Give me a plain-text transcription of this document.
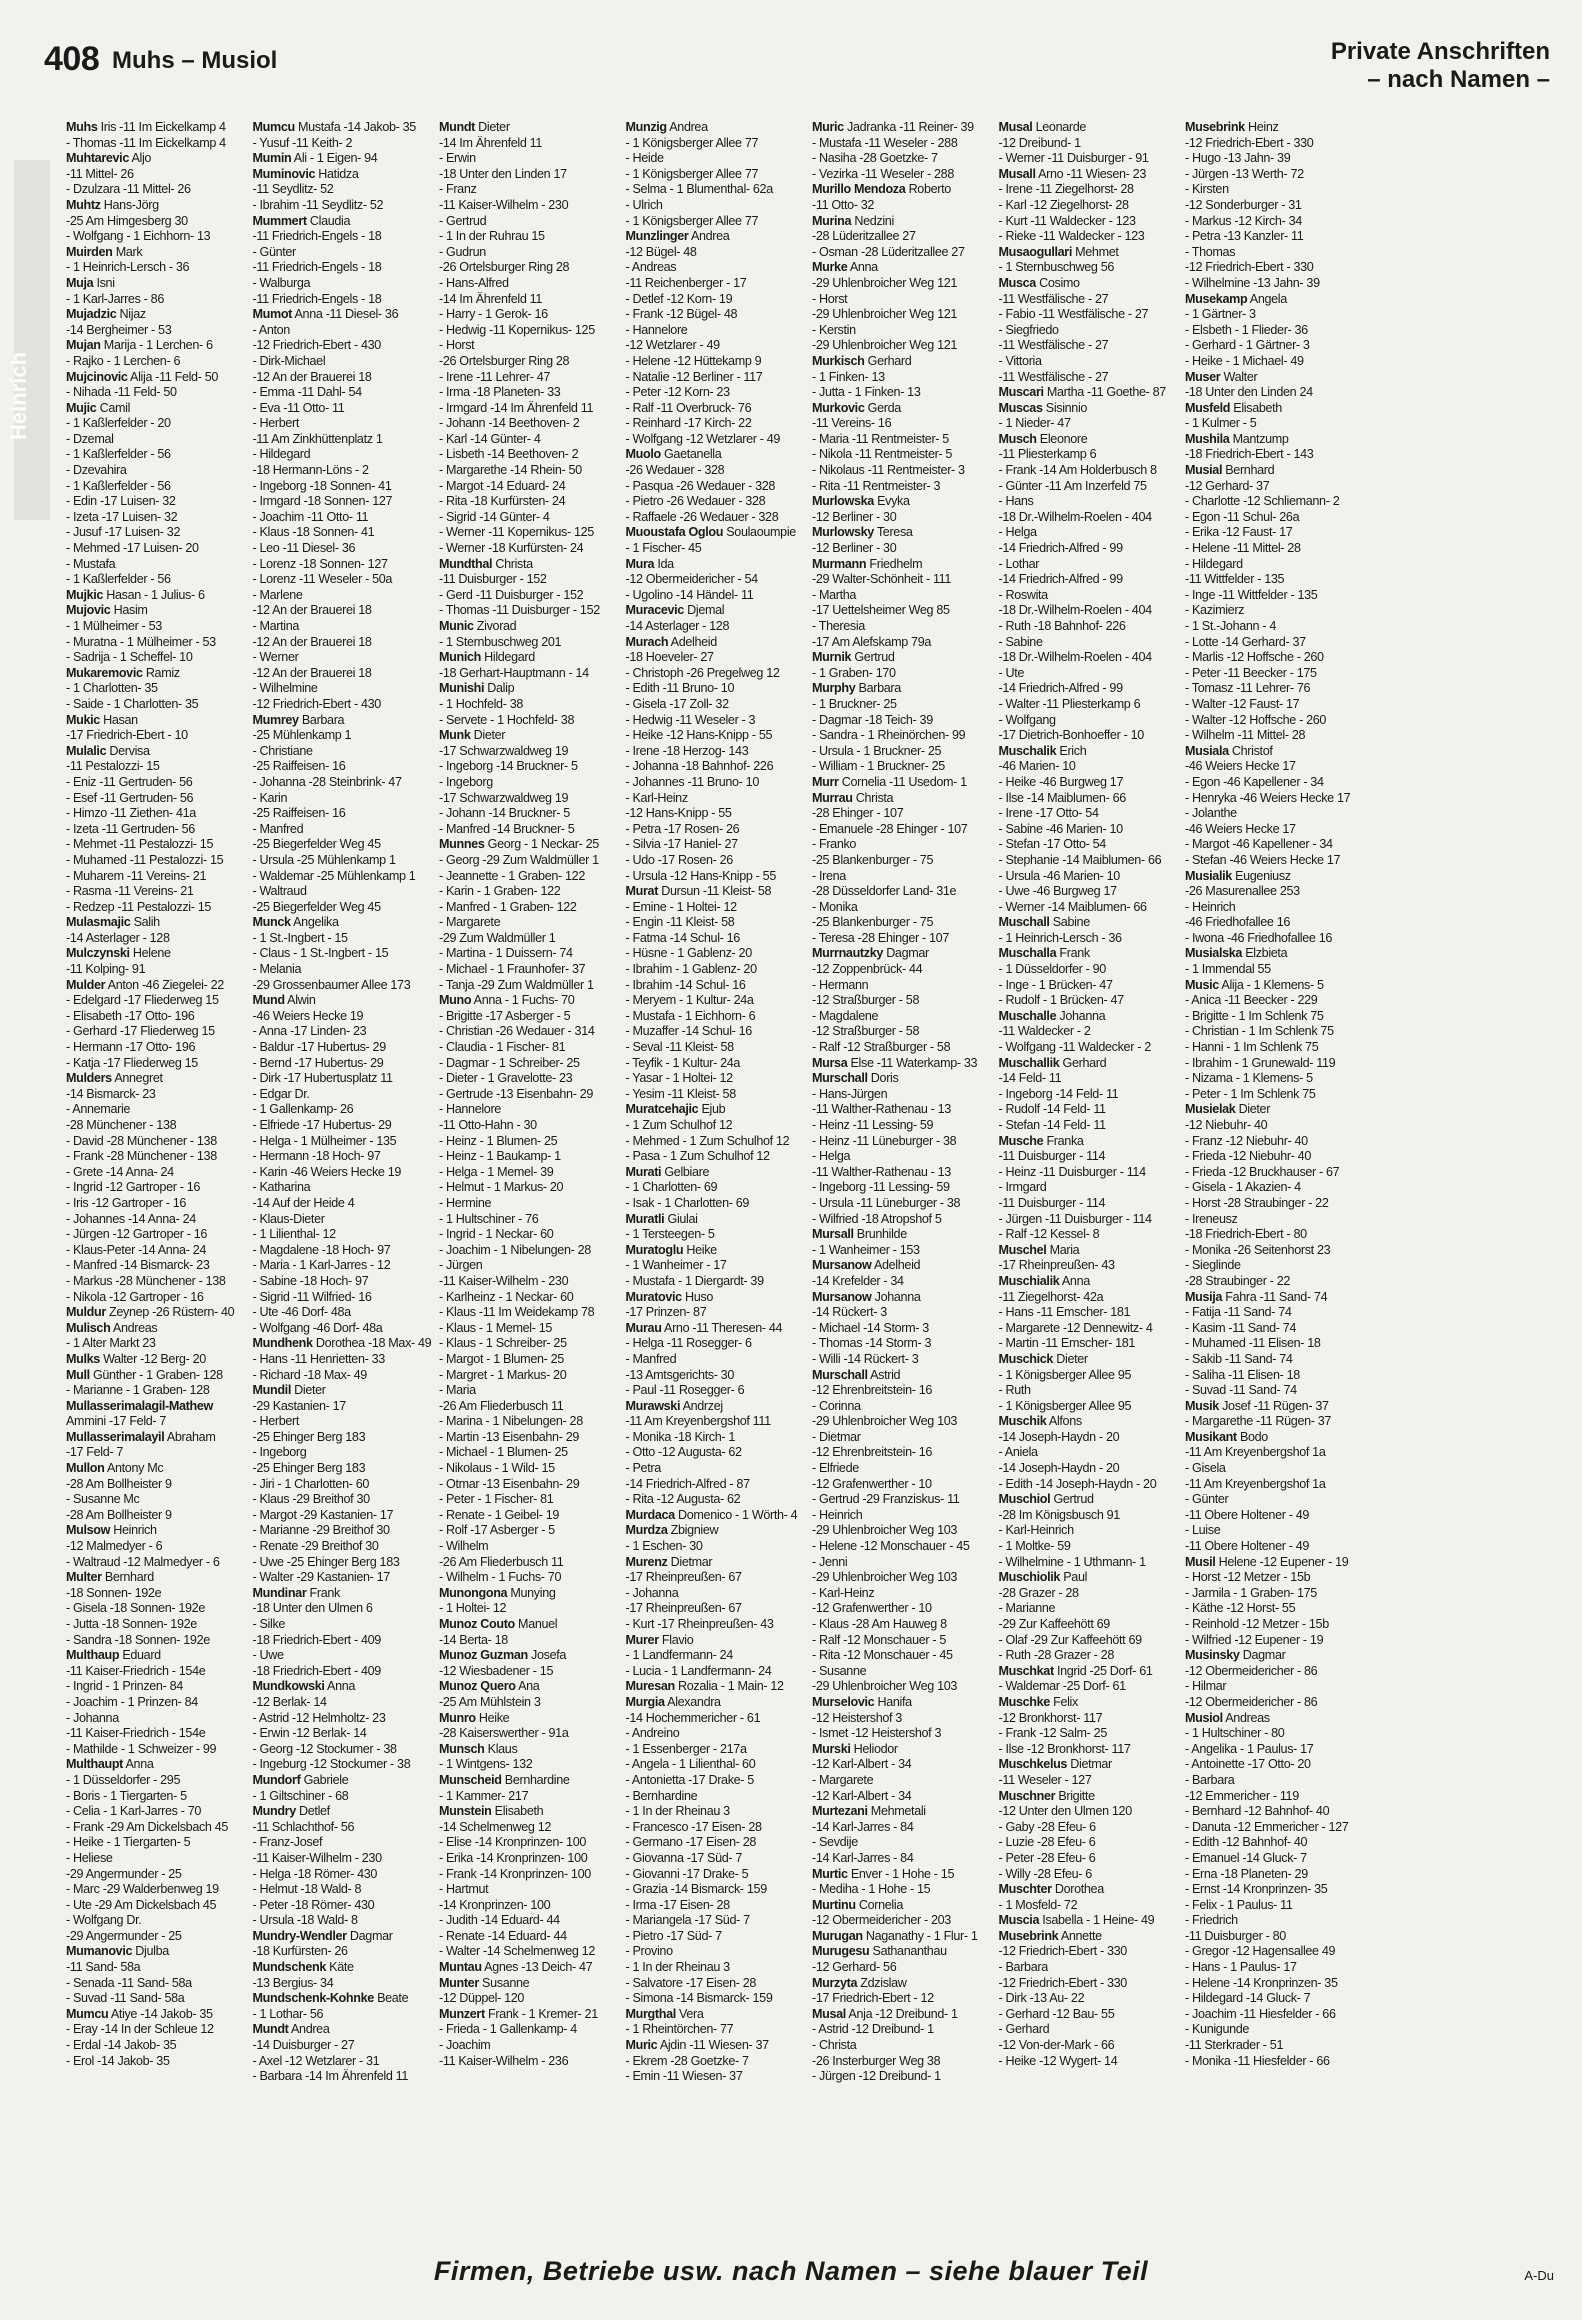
408 Muhs – Musiol	Private Anschriften
– nach Namen –
Heinrich
Muhs Iris -11 Im Eickelkamp 4
- Thomas -11 Im Eickelkamp 4
Muhtarevic Aljo
-11 Mittel- 26
- Dzulzara -11 Mittel- 26
Muhtz Hans-Jörg
-25 Am Himgesberg 30
- Wolfgang - 1 Eichhorn- 13
Muirden Mark
- 1 Heinrich-Lersch - 36
Muja Isni
- 1 Karl-Jarres - 86
Mujadzic Nijaz
-14 Bergheimer - 53
Mujan Marija - 1 Lerchen- 6
- Rajko - 1 Lerchen- 6
Mujcinovic Alija -11 Feld- 50
- Nihada -11 Feld- 50
Mujic Camil
- 1 Kaßlerfelder - 20
- Dzemal
- 1 Kaßlerfelder - 56
- Dzevahira
- 1 Kaßlerfelder - 56
- Edin -17 Luisen- 32
- Izeta -17 Luisen- 32
- Jusuf -17 Luisen- 32
- Mehmed -17 Luisen- 20
- Mustafa
- 1 Kaßlerfelder - 56
Mujkic Hasan - 1 Julius- 6
Mujovic Hasim
- 1 Mülheimer - 53
- Muratna - 1 Mülheimer - 53
- Sadrija - 1 Scheffel- 10
Mukaremovic Ramiz
- 1 Charlotten- 35
- Saide - 1 Charlotten- 35
Mukic Hasan
-17 Friedrich-Ebert - 10
Mulalic Dervisa
-11 Pestalozzi- 15
- Eniz -11 Gertruden- 56
- Esef -11 Gertruden- 56
- Himzo -11 Ziethen- 41a
- Izeta -11 Gertruden- 56
- Mehmet -11 Pestalozzi- 15
- Muhamed -11 Pestalozzi- 15
- Muharem -11 Vereins- 21
- Rasma -11 Vereins- 21
- Redzep -11 Pestalozzi- 15
Mulasmajic Salih
-14 Asterlager - 128
Mulczynski Helene
-11 Kolping- 91
Mulder Anton -46 Ziegelei- 22
- Edelgard -17 Fliederweg 15
- Elisabeth -17 Otto- 196
- Gerhard -17 Fliederweg 15
- Hermann -17 Otto- 196
- Katja -17 Fliederweg 15
Mulders Annegret
-14 Bismarck- 23
- Annemarie
-28 Münchener - 138
- David -28 Münchener - 138
- Frank -28 Münchener - 138
- Grete -14 Anna- 24
- Ingrid -12 Gartroper - 16
- Iris -12 Gartroper - 16
- Johannes -14 Anna- 24
- Jürgen -12 Gartroper - 16
- Klaus-Peter -14 Anna- 24
- Manfred -14 Bismarck- 23
- Markus -28 Münchener - 138
- Nikola -12 Gartroper - 16
Muldur Zeynep -26 Rüstern- 40
Mulisch Andreas
- 1 Alter Markt 23
Mulks Walter -12 Berg- 20
Mull Günther - 1 Graben- 128
- Marianne - 1 Graben- 128
Mullasserimalagil-Mathew
Ammini -17 Feld- 7
Mullasserimalayil Abraham
-17 Feld- 7
Mullon Antony Mc
-28 Am Bollheister 9
- Susanne Mc
-28 Am Bollheister 9
Mulsow Heinrich
-12 Malmedyer - 6
- Waltraud -12 Malmedyer - 6
Multer Bernhard
-18 Sonnen- 192e
- Gisela -18 Sonnen- 192e
- Jutta -18 Sonnen- 192e
- Sandra -18 Sonnen- 192e
Multhaup Eduard
-11 Kaiser-Friedrich - 154e
- Ingrid - 1 Prinzen- 84
- Joachim - 1 Prinzen- 84
- Johanna
-11 Kaiser-Friedrich - 154e
- Mathilde - 1 Schweizer - 99
Multhaupt Anna
- 1 Düsseldorfer - 295
- Boris - 1 Tiergarten- 5
- Celia - 1 Karl-Jarres - 70
- Frank -29 Am Dickelsbach 45
- Heike - 1 Tiergarten- 5
- Heliese
-29 Angermunder - 25
- Marc -29 Walderbenweg 19
- Ute -29 Am Dickelsbach 45
- Wolfgang Dr.
-29 Angermunder - 25
Mumanovic Djulba
-11 Sand- 58a
- Senada -11 Sand- 58a
- Suvad -11 Sand- 58a
Mumcu Atiye -14 Jakob- 35
- Eray -14 In der Schleue 12
- Erdal -14 Jakob- 35
- Erol -14 Jakob- 35
Mumcu Mustafa -14 Jakob- 35
- Yusuf -11 Keith- 2
Mumin Ali - 1 Eigen- 94
Muminovic Hatidza
-11 Seydlitz- 52
- Ibrahim -11 Seydlitz- 52
Mummert Claudia
-11 Friedrich-Engels - 18
- Günter
-11 Friedrich-Engels - 18
- Walburga
-11 Friedrich-Engels - 18
Mumot Anna -11 Diesel- 36
- Anton
-12 Friedrich-Ebert - 430
- Dirk-Michael
-12 An der Brauerei 18
- Emma -11 Dahl- 54
- Eva -11 Otto- 11
- Herbert
-11 Am Zinkhüttenplatz 1
- Hildegard
-18 Hermann-Löns - 2
- Ingeborg -18 Sonnen- 41
- Irmgard -18 Sonnen- 127
- Joachim -11 Otto- 11
- Klaus -18 Sonnen- 41
- Leo -11 Diesel- 36
- Lorenz -18 Sonnen- 127
- Lorenz -11 Weseler - 50a
- Marlene
-12 An der Brauerei 18
- Martina
-12 An der Brauerei 18
- Werner
-12 An der Brauerei 18
- Wilhelmine
-12 Friedrich-Ebert - 430
Mumrey Barbara
-25 Mühlenkamp 1
- Christiane
-25 Raiffeisen- 16
- Johanna -28 Steinbrink- 47
- Karin
-25 Raiffeisen- 16
- Manfred
-25 Biegerfelder Weg 45
- Ursula -25 Mühlenkamp 1
- Waldemar -25 Mühlenkamp 1
- Waltraud
-25 Biegerfelder Weg 45
Munck Angelika
- 1 St.-Ingbert - 15
- Claus - 1 St.-Ingbert - 15
- Melania
-29 Grossenbaumer Allee 173
Mund Alwin
-46 Weiers Hecke 19
- Anna -17 Linden- 23
- Baldur -17 Hubertus- 29
- Bernd -17 Hubertus- 29
- Dirk -17 Hubertusplatz 11
- Edgar Dr.
- 1 Gallenkamp- 26
- Elfriede -17 Hubertus- 29
- Helga - 1 Mülheimer - 135
- Hermann -18 Hoch- 97
- Karin -46 Weiers Hecke 19
- Katharina
-14 Auf der Heide 4
- Klaus-Dieter
- 1 Lilienthal- 12
- Magdalene -18 Hoch- 97
- Maria - 1 Karl-Jarres - 12
- Sabine -18 Hoch- 97
- Sigrid -11 Wilfried- 16
- Ute -46 Dorf- 48a
- Wolfgang -46 Dorf- 48a
Mundhenk Dorothea -18 Max- 49
- Hans -11 Henrietten- 33
- Richard -18 Max- 49
Mundil Dieter
-29 Kastanien- 17
- Herbert
-25 Ehinger Berg 183
- Ingeborg
-25 Ehinger Berg 183
- Jiri - 1 Charlotten- 60
- Klaus -29 Breithof 30
- Margot -29 Kastanien- 17
- Marianne -29 Breithof 30
- Renate -29 Breithof 30
- Uwe -25 Ehinger Berg 183
- Walter -29 Kastanien- 17
Mundinar Frank
-18 Unter den Ulmen 6
- Silke
-18 Friedrich-Ebert - 409
- Uwe
-18 Friedrich-Ebert - 409
Mundkowski Anna
-12 Berlak- 14
- Astrid -12 Helmholtz- 23
- Erwin -12 Berlak- 14
- Georg -12 Stockumer - 38
- Ingeburg -12 Stockumer - 38
Mundorf Gabriele
- 1 Giltschiner - 68
Mundry Detlef
-11 Schlachthof- 56
- Franz-Josef
-11 Kaiser-Wilhelm - 230
- Helga -18 Römer- 430
- Helmut -18 Wald- 8
- Peter -18 Römer- 430
- Ursula -18 Wald- 8
Mundry-Wendler Dagmar
-18 Kurfürsten- 26
Mundschenk Käte
-13 Bergius- 34
Mundschenk-Kohnke Beate
- 1 Lothar- 56
Mundt Andrea
-14 Duisburger - 27
- Axel -12 Wetzlarer - 31
- Barbara -14 Im Ährenfeld 11
Mundt Dieter
-14 Im Ährenfeld 11
- Erwin
-18 Unter den Linden 17
- Franz
-11 Kaiser-Wilhelm - 230
- Gertrud
- 1 In der Ruhrau 15
- Gudrun
-26 Ortelsburger Ring 28
- Hans-Alfred
-14 Im Ährenfeld 11
- Harry - 1 Gerok- 16
- Hedwig -11 Kopernikus- 125
- Horst
-26 Ortelsburger Ring 28
- Irene -11 Lehrer- 47
- Irma -18 Planeten- 33
- Irmgard -14 Im Ährenfeld 11
- Johann -14 Beethoven- 2
- Karl -14 Günter- 4
- Lisbeth -14 Beethoven- 2
- Margarethe -14 Rhein- 50
- Margot -14 Eduard- 24
- Rita -18 Kurfürsten- 24
- Sigrid -14 Günter- 4
- Werner -11 Kopernikus- 125
- Werner -18 Kurfürsten- 24
Mundthal Christa
-11 Duisburger - 152
- Gerd -11 Duisburger - 152
- Thomas -11 Duisburger - 152
Munic Zivorad
- 1 Sternbuschweg 201
Munich Hildegard
-18 Gerhart-Hauptmann - 14
Munishi Dalip
- 1 Hochfeld- 38
- Servete - 1 Hochfeld- 38
Munk Dieter
-17 Schwarzwaldweg 19
- Ingeborg -14 Bruckner- 5
- Ingeborg
-17 Schwarzwaldweg 19
- Johann -14 Bruckner- 5
- Manfred -14 Bruckner- 5
Munnes Georg - 1 Neckar- 25
- Georg -29 Zum Waldmüller 1
- Jeannette - 1 Graben- 122
- Karin - 1 Graben- 122
- Manfred - 1 Graben- 122
- Margarete
-29 Zum Waldmüller 1
- Martina - 1 Duissern- 74
- Michael - 1 Fraunhofer- 37
- Tanja -29 Zum Waldmüller 1
Muno Anna - 1 Fuchs- 70
- Brigitte -17 Asberger - 5
- Christian -26 Wedauer - 314
- Claudia - 1 Fischer- 81
- Dagmar - 1 Schreiber- 25
- Dieter - 1 Gravelotte- 23
- Gertrude -13 Eisenbahn- 29
- Hannelore
-11 Otto-Hahn - 30
- Heinz - 1 Blumen- 25
- Heinz - 1 Baukamp- 1
- Helga - 1 Memel- 39
- Helmut - 1 Markus- 20
- Hermine
- 1 Hultschiner - 76
- Ingrid - 1 Neckar- 60
- Joachim - 1 Nibelungen- 28
- Jürgen
-11 Kaiser-Wilhelm - 230
- Karlheinz - 1 Neckar- 60
- Klaus -11 Im Weidekamp 78
- Klaus - 1 Memel- 15
- Klaus - 1 Schreiber- 25
- Margot - 1 Blumen- 25
- Margret - 1 Markus- 20
- Maria
-26 Am Fliederbusch 11
- Marina - 1 Nibelungen- 28
- Martin -13 Eisenbahn- 29
- Michael - 1 Blumen- 25
- Nikolaus - 1 Wild- 15
- Otmar -13 Eisenbahn- 29
- Peter - 1 Fischer- 81
- Renate - 1 Geibel- 19
- Rolf -17 Asberger - 5
- Wilhelm
-26 Am Fliederbusch 11
- Wilhelm - 1 Fuchs- 70
Munongona Munying
- 1 Holtei- 12
Munoz Couto Manuel
-14 Berta- 18
Munoz Guzman Josefa
-12 Wiesbadener - 15
Munoz Quero Ana
-25 Am Mühlstein 3
Munro Heike
-28 Kaiserswerther - 91a
Munsch Klaus
- 1 Wintgens- 132
Munscheid Bernhardine
- 1 Kammer- 217
Munstein Elisabeth
-14 Schelmenweg 12
- Elise -14 Kronprinzen- 100
- Erika -14 Kronprinzen- 100
- Frank -14 Kronprinzen- 100
- Hartmut
-14 Kronprinzen- 100
- Judith -14 Eduard- 44
- Renate -14 Eduard- 44
- Walter -14 Schelmenweg 12
Muntau Agnes -13 Deich- 47
Munter Susanne
-12 Düppel- 120
Munzert Frank - 1 Kremer- 21
- Frieda - 1 Gallenkamp- 4
- Joachim
-11 Kaiser-Wilhelm - 236
Munzig Andrea
- 1 Königsberger Allee 77
- Heide
- 1 Königsberger Allee 77
- Selma - 1 Blumenthal- 62a
- Ulrich
- 1 Königsberger Allee 77
Munzlinger Andrea
-12 Bügel- 48
- Andreas
-11 Reichenberger - 17
- Detlef -12 Korn- 19
- Frank -12 Bügel- 48
- Hannelore
-12 Wetzlarer - 49
- Helene -12 Hüttekamp 9
- Natalie -12 Berliner - 117
- Peter -12 Korn- 23
- Ralf -11 Overbruck- 76
- Reinhard -17 Kirch- 22
- Wolfgang -12 Wetzlarer - 49
Muolo Gaetanella
-26 Wedauer - 328
- Pasqua -26 Wedauer - 328
- Pietro -26 Wedauer - 328
- Raffaele -26 Wedauer - 328
Muoustafa Oglou Soulaoumpie
- 1 Fischer- 45
Mura Ida
-12 Obermeidericher - 54
- Ugolino -14 Händel- 11
Muracevic Djemal
-14 Asterlager - 128
Murach Adelheid
-18 Hoeveler- 27
- Christoph -26 Pregelweg 12
- Edith -11 Bruno- 10
- Gisela -17 Zoll- 32
- Hedwig -11 Weseler - 3
- Heike -12 Hans-Knipp - 55
- Irene -18 Herzog- 143
- Johanna -18 Bahnhof- 226
- Johannes -11 Bruno- 10
- Karl-Heinz
-12 Hans-Knipp - 55
- Petra -17 Rosen- 26
- Silvia -17 Haniel- 27
- Udo -17 Rosen- 26
- Ursula -12 Hans-Knipp - 55
Murat Dursun -11 Kleist- 58
- Emine - 1 Holtei- 12
- Engin -11 Kleist- 58
- Fatma -14 Schul- 16
- Hüsne - 1 Gablenz- 20
- Ibrahim - 1 Gablenz- 20
- Ibrahim -14 Schul- 16
- Meryem - 1 Kultur- 24a
- Mustafa - 1 Eichhorn- 6
- Muzaffer -14 Schul- 16
- Seval -11 Kleist- 58
- Teyfik - 1 Kultur- 24a
- Yasar - 1 Holtei- 12
- Yesim -11 Kleist- 58
Muratcehajic Ejub
- 1 Zum Schulhof 12
- Mehmed - 1 Zum Schulhof 12
- Pasa - 1 Zum Schulhof 12
Murati Gelbiare
- 1 Charlotten- 69
- Isak - 1 Charlotten- 69
Muratli Giulai
- 1 Tersteegen- 5
Muratoglu Heike
- 1 Wanheimer - 17
- Mustafa - 1 Diergardt- 39
Muratovic Huso
-17 Prinzen- 87
Murau Arno -11 Theresen- 44
- Helga -11 Rosegger- 6
- Manfred
-13 Amtsgerichts- 30
- Paul -11 Rosegger- 6
Murawski Andrzej
-11 Am Kreyenbergshof 111
- Monika -18 Kirch- 1
- Otto -12 Augusta- 62
- Petra
-14 Friedrich-Alfred - 87
- Rita -12 Augusta- 62
Murdaca Domenico - 1 Wörth- 4
Murdza Zbigniew
- 1 Eschen- 30
Murenz Dietmar
-17 Rheinpreußen- 67
- Johanna
-17 Rheinpreußen- 67
- Kurt -17 Rheinpreußen- 43
Murer Flavio
- 1 Landfermann- 24
- Lucia - 1 Landfermann- 24
Muresan Rozalia - 1 Main- 12
Murgia Alexandra
-14 Hochemmericher - 61
- Andreino
- 1 Essenberger - 217a
- Angela - 1 Lilienthal- 60
- Antonietta -17 Drake- 5
- Bernhardine
- 1 In der Rheinau 3
- Francesco -17 Eisen- 28
- Germano -17 Eisen- 28
- Giovanna -17 Süd- 7
- Giovanni -17 Drake- 5
- Grazia -14 Bismarck- 159
- Irma -17 Eisen- 28
- Mariangela -17 Süd- 7
- Pietro -17 Süd- 7
- Provino
- 1 In der Rheinau 3
- Salvatore -17 Eisen- 28
- Simona -14 Bismarck- 159
Murgthal Vera
- 1 Rheintörchen- 77
Muric Ajdin -11 Wiesen- 37
- Ekrem -28 Goetzke- 7
- Emin -11 Wiesen- 37
Muric Jadranka -11 Reiner- 39
- Mustafa -11 Weseler - 288
- Nasiha -28 Goetzke- 7
- Vezirka -11 Weseler - 288
Murillo Mendoza Roberto
-11 Otto- 32
Murina Nedzini
-28 Lüderitzallee 27
- Osman -28 Lüderitzallee 27
Murke Anna
-29 Uhlenbroicher Weg 121
- Horst
-29 Uhlenbroicher Weg 121
- Kerstin
-29 Uhlenbroicher Weg 121
Murkisch Gerhard
- 1 Finken- 13
- Jutta - 1 Finken- 13
Murkovic Gerda
-11 Vereins- 16
- Maria -11 Rentmeister- 5
- Nikola -11 Rentmeister- 5
- Nikolaus -11 Rentmeister- 3
- Rita -11 Rentmeister- 3
Murlowska Evyka
-12 Berliner - 30
Murlowsky Teresa
-12 Berliner - 30
Murmann Friedhelm
-29 Walter-Schönheit - 111
- Martha
-17 Uettelsheimer Weg 85
- Theresia
-17 Am Alefskamp 79a
Murnik Gertrud
- 1 Graben- 170
Murphy Barbara
- 1 Bruckner- 25
- Dagmar -18 Teich- 39
- Sandra - 1 Rheinörchen- 99
- Ursula - 1 Bruckner- 25
- William - 1 Bruckner- 25
Murr Cornelia -11 Usedom- 1
Murrau Christa
-28 Ehinger - 107
- Emanuele -28 Ehinger - 107
- Franko
-25 Blankenburger - 75
- Irena
-28 Düsseldorfer Land- 31e
- Monika
-25 Blankenburger - 75
- Teresa -28 Ehinger - 107
Murrnautzky Dagmar
-12 Zoppenbrück- 44
- Hermann
-12 Straßburger - 58
- Magdalene
-12 Straßburger - 58
- Ralf -12 Straßburger - 58
Mursa Else -11 Waterkamp- 33
Murschall Doris
- Hans-Jürgen
-11 Walther-Rathenau - 13
- Heinz -11 Lessing- 59
- Heinz -11 Lüneburger - 38
- Helga
-11 Walther-Rathenau - 13
- Ingeborg -11 Lessing- 59
- Ursula -11 Lüneburger - 38
- Wilfried -18 Atropshof 5
Mursall Brunhilde
- 1 Wanheimer - 153
Mursanow Adelheid
-14 Krefelder - 34
Mursanow Johanna
-14 Rückert- 3
- Michael -14 Storm- 3
- Thomas -14 Storm- 3
- Willi -14 Rückert- 3
Murschall Astrid
-12 Ehrenbreitstein- 16
- Corinna
-29 Uhlenbroicher Weg 103
- Dietmar
-12 Ehrenbreitstein- 16
- Elfriede
-12 Grafenwerther - 10
- Gertrud -29 Franziskus- 11
- Heinrich
-29 Uhlenbroicher Weg 103
- Helene -12 Monschauer - 45
- Jenni
-29 Uhlenbroicher Weg 103
- Karl-Heinz
-12 Grafenwerther - 10
- Klaus -28 Am Hauweg 8
- Ralf -12 Monschauer - 5
- Rita -12 Monschauer - 45
- Susanne
-29 Uhlenbroicher Weg 103
Murselovic Hanifa
-12 Heistershof 3
- Ismet -12 Heistershof 3
Murski Heliodor
-12 Karl-Albert - 34
- Margarete
-12 Karl-Albert - 34
Murtezani Mehmetali
-14 Karl-Jarres - 84
- Sevdije
-14 Karl-Jarres - 84
Murtic Enver - 1 Hohe - 15
- Mediha - 1 Hohe - 15
Murtinu Cornelia
-12 Obermeidericher - 203
Murugan Naganathy - 1 Flur- 1
Murugesu Sathananthau
-12 Gerhard- 56
Murzyta Zdzislaw
-17 Friedrich-Ebert - 12
Musal Anja -12 Dreibund- 1
- Astrid -12 Dreibund- 1
- Christa
-26 Insterburger Weg 38
- Jürgen -12 Dreibund- 1
Musal Leonarde
-12 Dreibund- 1
- Werner -11 Duisburger - 91
Musall Arno -11 Wiesen- 23
- Irene -11 Ziegelhorst- 28
- Karl -12 Ziegelhorst- 28
- Kurt -11 Waldecker - 123
- Rieke -11 Waldecker - 123
Musaogullari Mehmet
- 1 Sternbuschweg 56
Musca Cosimo
-11 Westfälische - 27
- Fabio -11 Westfälische - 27
- Siegfriedo
-11 Westfälische - 27
- Vittoria
-11 Westfälische - 27
Muscari Martha -11 Goethe- 87
Muscas Sisinnio
- 1 Nieder- 47
Musch Eleonore
-11 Pliesterkamp 6
- Frank -14 Am Holderbusch 8
- Günter -11 Am Inzerfeld 75
- Hans
-18 Dr.-Wilhelm-Roelen - 404
- Helga
-14 Friedrich-Alfred - 99
- Lothar
-14 Friedrich-Alfred - 99
- Roswita
-18 Dr.-Wilhelm-Roelen - 404
- Ruth -18 Bahnhof- 226
- Sabine
-18 Dr.-Wilhelm-Roelen - 404
- Ute
-14 Friedrich-Alfred - 99
- Walter -11 Pliesterkamp 6
- Wolfgang
-17 Dietrich-Bonhoeffer - 10
Muschalik Erich
-46 Marien- 10
- Heike -46 Burgweg 17
- Ilse -14 Maiblumen- 66
- Irene -17 Otto- 54
- Sabine -46 Marien- 10
- Stefan -17 Otto- 54
- Stephanie -14 Maiblumen- 66
- Ursula -46 Marien- 10
- Uwe -46 Burgweg 17
- Werner -14 Maiblumen- 66
Muschall Sabine
- 1 Heinrich-Lersch - 36
Muschalla Frank
- 1 Düsseldorfer - 90
- Inge - 1 Brücken- 47
- Rudolf - 1 Brücken- 47
Muschalle Johanna
-11 Waldecker - 2
- Wolfgang -11 Waldecker - 2
Muschallik Gerhard
-14 Feld- 11
- Ingeborg -14 Feld- 11
- Rudolf -14 Feld- 11
- Stefan -14 Feld- 11
Musche Franka
-11 Duisburger - 114
- Heinz -11 Duisburger - 114
- Irmgard
-11 Duisburger - 114
- Jürgen -11 Duisburger - 114
- Ralf -12 Kessel- 8
Muschel Maria
-17 Rheinpreußen- 43
Muschialik Anna
-11 Ziegelhorst- 42a
- Hans -11 Emscher- 181
- Margarete -12 Dennewitz- 4
- Martin -11 Emscher- 181
Muschick Dieter
- 1 Königsberger Allee 95
- Ruth
- 1 Königsberger Allee 95
Muschik Alfons
-14 Joseph-Haydn - 20
- Aniela
-14 Joseph-Haydn - 20
- Edith -14 Joseph-Haydn - 20
Muschiol Gertrud
-28 Im Königsbusch 91
- Karl-Heinrich
- 1 Moltke- 59
- Wilhelmine - 1 Uthmann- 1
Muschiolik Paul
-28 Grazer - 28
- Marianne
-29 Zur Kaffeehött 69
- Olaf -29 Zur Kaffeehött 69
- Ruth -28 Grazer - 28
Muschkat Ingrid -25 Dorf- 61
- Waldemar -25 Dorf- 61
Muschke Felix
-12 Bronkhorst- 117
- Frank -12 Salm- 25
- Ilse -12 Bronkhorst- 117
Muschkelus Dietmar
-11 Weseler - 127
Muschner Brigitte
-12 Unter den Ulmen 120
- Gaby -28 Efeu- 6
- Luzie -28 Efeu- 6
- Peter -28 Efeu- 6
- Willy -28 Efeu- 6
Muschter Dorothea
- 1 Mosfeld- 72
Muscia Isabella - 1 Heine- 49
Musebrink Annette
-12 Friedrich-Ebert - 330
- Barbara
-12 Friedrich-Ebert - 330
- Dirk -13 Au- 22
- Gerhard -12 Bau- 55
- Gerhard
-12 Von-der-Mark - 66
- Heike -12 Wygert- 14
Musebrink Heinz
-12 Friedrich-Ebert - 330
- Hugo -13 Jahn- 39
- Jürgen -13 Werth- 72
- Kirsten
-12 Sonderburger - 31
- Markus -12 Kirch- 34
- Petra -13 Kanzler- 11
- Thomas
-12 Friedrich-Ebert - 330
- Wilhelmine -13 Jahn- 39
Musekamp Angela
- 1 Gärtner- 3
- Elsbeth - 1 Flieder- 36
- Gerhard - 1 Gärtner- 3
- Heike - 1 Michael- 49
Muser Walter
-18 Unter den Linden 24
Musfeld Elisabeth
- 1 Kulmer - 5
Mushila Mantzump
-18 Friedrich-Ebert - 143
Musial Bernhard
-12 Gerhard- 37
- Charlotte -12 Schliemann- 2
- Egon -11 Schul- 26a
- Erika -12 Faust- 17
- Helene -11 Mittel- 28
- Hildegard
-11 Wittfelder - 135
- Inge -11 Wittfelder - 135
- Kazimierz
- 1 St.-Johann - 4
- Lotte -14 Gerhard- 37
- Marlis -12 Hoffsche - 260
- Peter -11 Beecker - 175
- Tomasz -11 Lehrer- 76
- Walter -12 Faust- 17
- Walter -12 Hoffsche - 260
- Wilhelm -11 Mittel- 28
Musiala Christof
-46 Weiers Hecke 17
- Egon -46 Kapellener - 34
- Henryka -46 Weiers Hecke 17
- Jolanthe
-46 Weiers Hecke 17
- Margot -46 Kapellener - 34
- Stefan -46 Weiers Hecke 17
Musialik Eugeniusz
-26 Masurenallee 253
- Heinrich
-46 Friedhofallee 16
- Iwona -46 Friedhofallee 16
Musialska Elzbieta
- 1 Immendal 55
Music Alija - 1 Klemens- 5
- Anica -11 Beecker - 229
- Brigitte - 1 Im Schlenk 75
- Christian - 1 Im Schlenk 75
- Hanni - 1 Im Schlenk 75
- Ibrahim - 1 Grunewald- 119
- Nizama - 1 Klemens- 5
- Peter - 1 Im Schlenk 75
Musielak Dieter
-12 Niebuhr- 40
- Franz -12 Niebuhr- 40
- Frieda -12 Niebuhr- 40
- Frieda -12 Bruckhauser - 67
- Gisela - 1 Akazien- 4
- Horst -28 Straubinger - 22
- Ireneusz
-18 Friedrich-Ebert - 80
- Monika -26 Seitenhorst 23
- Sieglinde
-28 Straubinger - 22
Musija Fahra -11 Sand- 74
- Fatija -11 Sand- 74
- Kasim -11 Sand- 74
- Muhamed -11 Elisen- 18
- Sakib -11 Sand- 74
- Saliha -11 Elisen- 18
- Suvad -11 Sand- 74
Musik Josef -11 Rügen- 37
- Margarethe -11 Rügen- 37
Musikant Bodo
-11 Am Kreyenbergshof 1a
- Gisela
-11 Am Kreyenbergshof 1a
- Günter
-11 Obere Holtener - 49
- Luise
-11 Obere Holtener - 49
Musil Helene -12 Eupener - 19
- Horst -12 Metzer - 15b
- Jarmila - 1 Graben- 175
- Käthe -12 Horst- 55
- Reinhold -12 Metzer - 15b
- Wilfried -12 Eupener - 19
Musinsky Dagmar
-12 Obermeidericher - 86
- Hilmar
-12 Obermeidericher - 86
Musiol Andreas
- 1 Hultschiner - 80
- Angelika - 1 Paulus- 17
- Antoinette -17 Otto- 20
- Barbara
-12 Emmericher - 119
- Bernhard -12 Bahnhof- 40
- Danuta -12 Emmericher - 127
- Edith -12 Bahnhof- 40
- Emanuel -14 Gluck- 7
- Erna -18 Planeten- 29
- Ernst -14 Kronprinzen- 35
- Felix - 1 Paulus- 11
- Friedrich
-11 Duisburger - 80
- Gregor -12 Hagensallee 49
- Hans - 1 Paulus- 17
- Helene -14 Kronprinzen- 35
- Hildegard -14 Gluck- 7
- Joachim -11 Hiesfelder - 66
- Kunigunde
-11 Sterkrader - 51
- Monika -11 Hiesfelder - 66
Firmen, Betriebe usw. nach Namen – siehe blauer Teil	A-Du
